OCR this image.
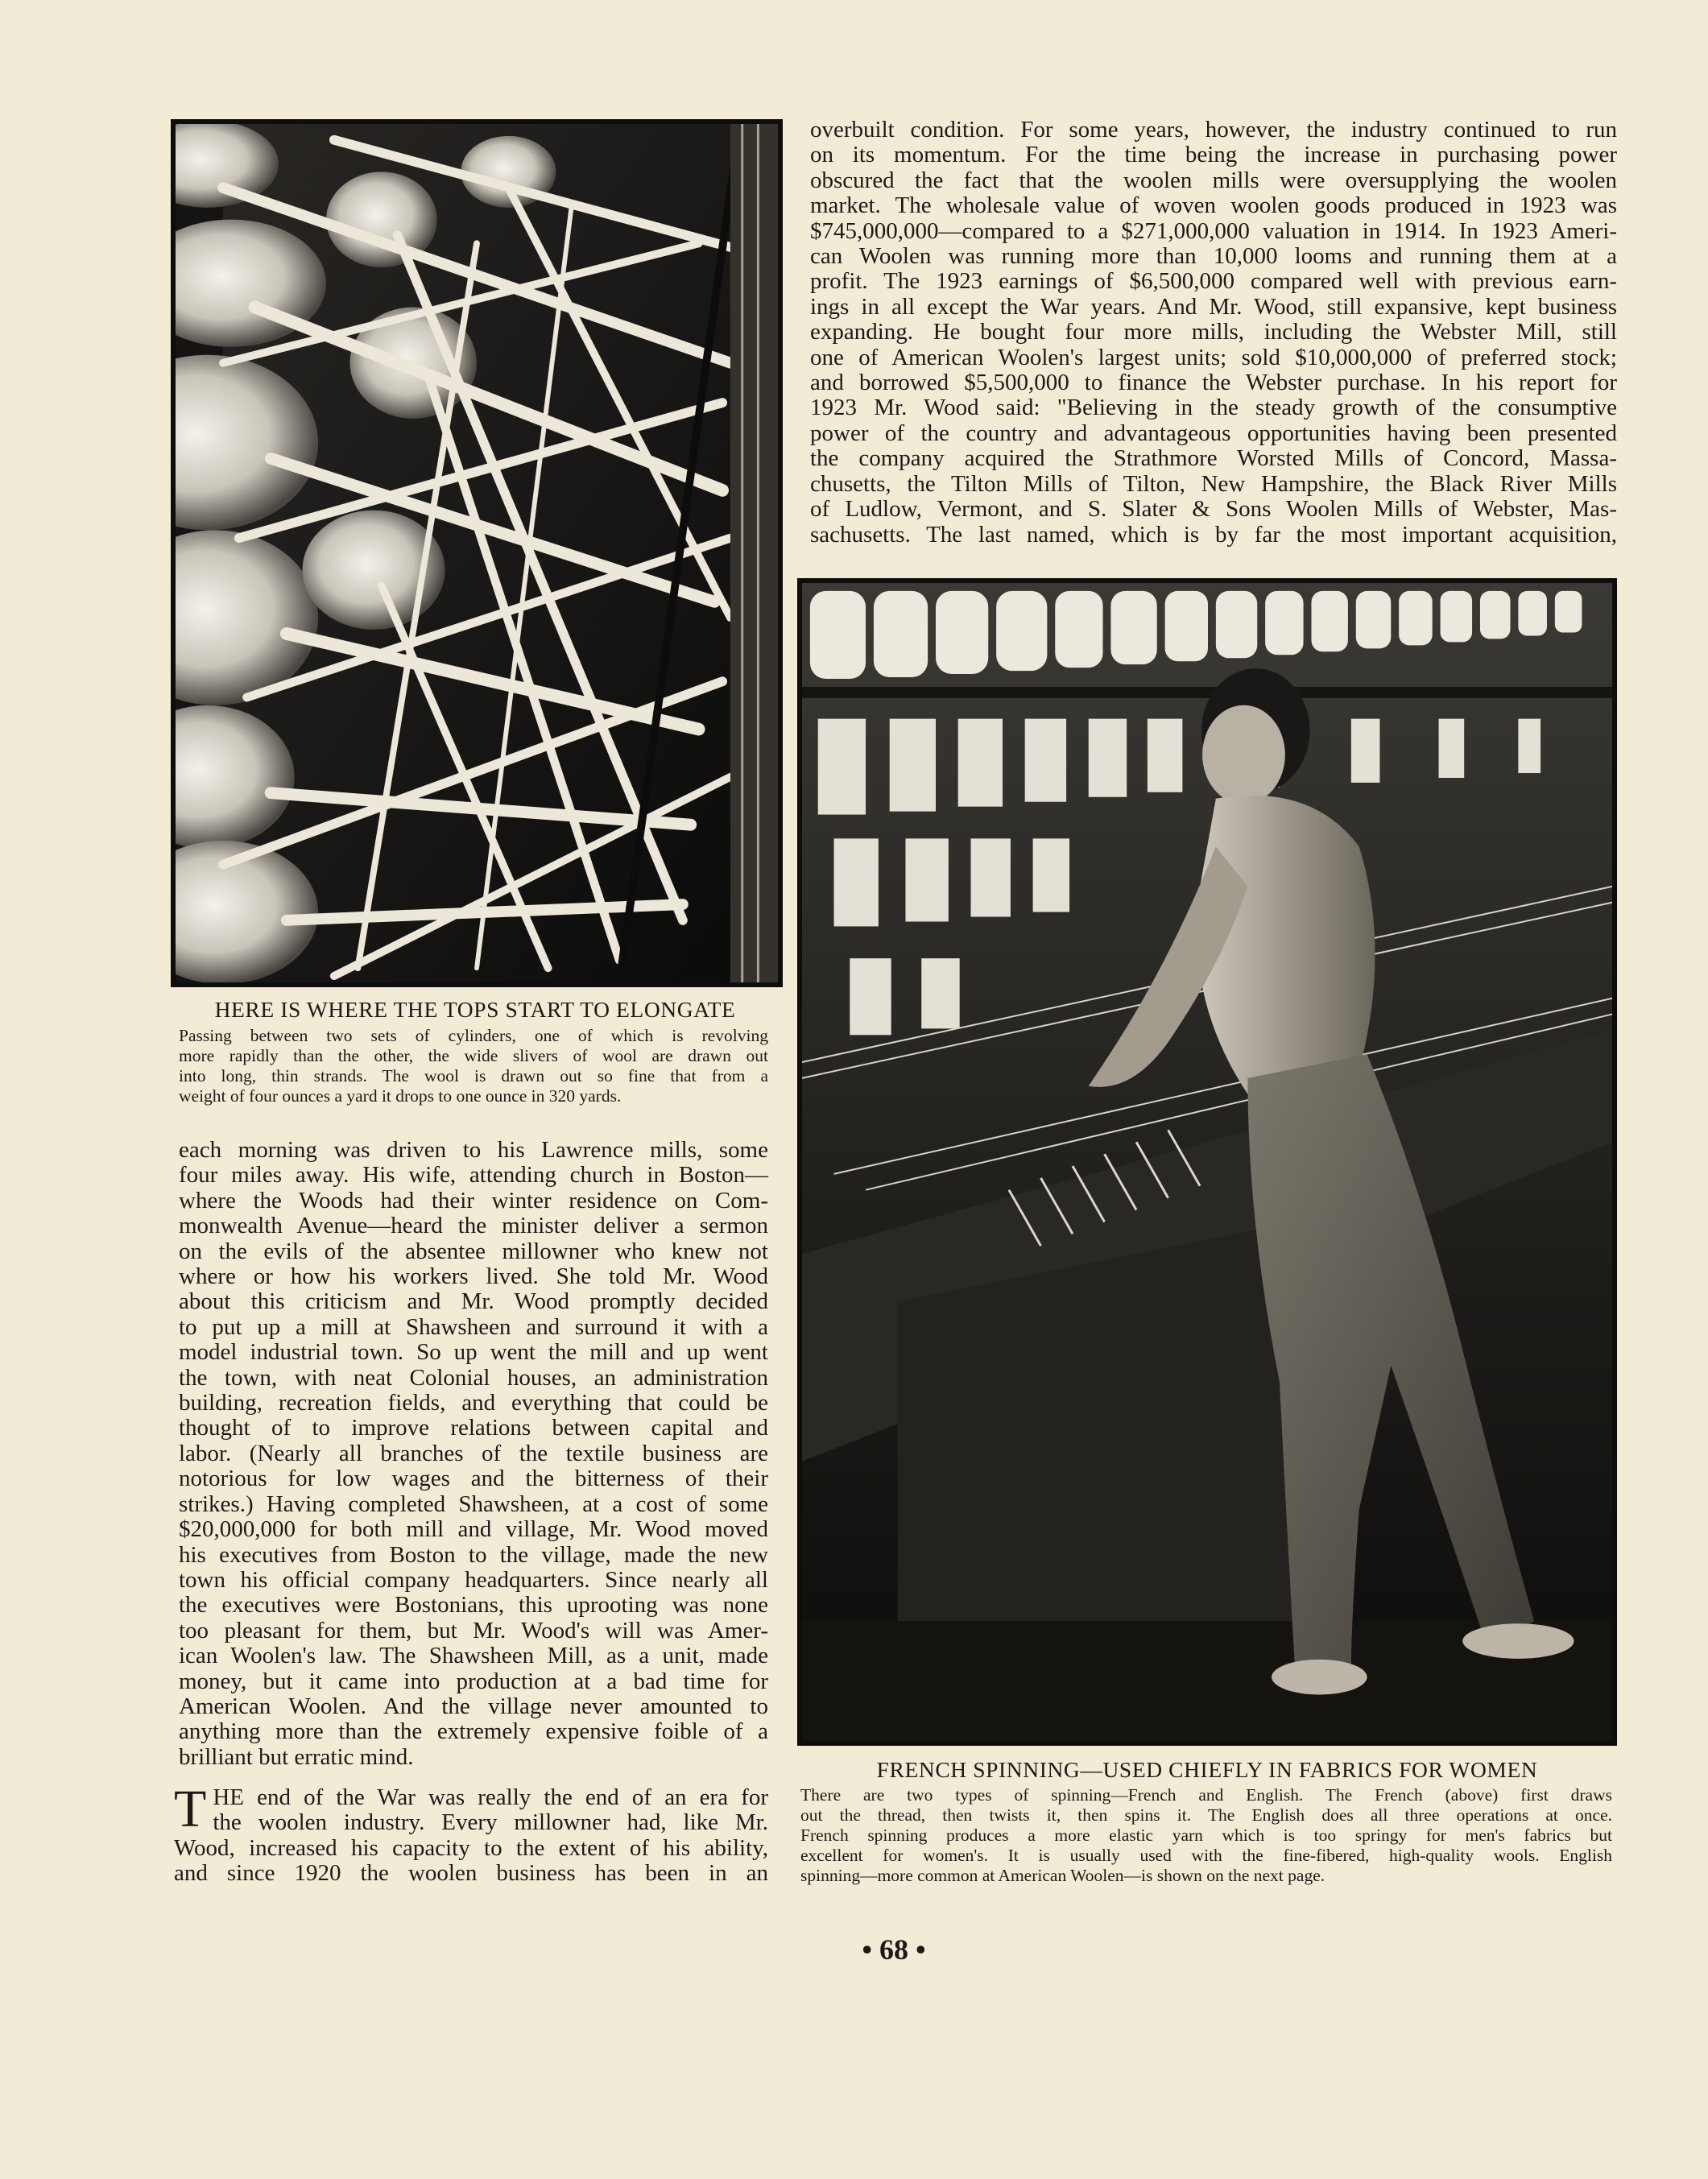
overbuilt condition. For some years, however, the industry continued to run
on its momentum. For the time being the increase in purchasing power
obscured the fact that the woolen mills were oversupplying the woolen
market. The wholesale value of woven woolen goods produced in 1923 was
$745,000,000—compared to a $271,000,000 valuation in 1914. In 1923 Ameri-
can Woolen was running more than 10,000 looms and running them at a
profit. The 1923 earnings of $6,500,000 compared well with previous earn-
ings in all except the War years. And Mr. Wood, still expansive, kept business
expanding. He bought four more mills, including the Webster Mill, still
one of American Woolen's largest units; sold $10,000,000 of preferred stock;
and borrowed $5,500,000 to finance the Webster purchase. In his report for
1923 Mr. Wood said: "Believing in the steady growth of the consumptive
power of the country and advantageous opportunities having been presented
the company acquired the Strathmore Worsted Mills of Concord, Massa-
chusetts, the Tilton Mills of Tilton, New Hampshire, the Black River Mills
of Ludlow, Vermont, and S. Slater & Sons Woolen Mills of Webster, Mas-
sachusetts. The last named, which is by far the most important acquisition,
HERE IS WHERE THE TOPS START TO ELONGATE
Passing between two sets of cylinders, one of which is revolving
more rapidly than the other, the wide slivers of wool are drawn out
into long, thin strands. The wool is drawn out so fine that from a
weight of four ounces a yard it drops to one ounce in 320 yards.
each morning was driven to his Lawrence mills, some
four miles away. His wife, attending church in Boston—
where the Woods had their winter residence on Com-
monwealth Avenue—heard the minister deliver a sermon
on the evils of the absentee millowner who knew not
where or how his workers lived. She told Mr. Wood
about this criticism and Mr. Wood promptly decided
to put up a mill at Shawsheen and surround it with a
model industrial town. So up went the mill and up went
the town, with neat Colonial houses, an administration
building, recreation fields, and everything that could be
thought of to improve relations between capital and
labor. (Nearly all branches of the textile business are
notorious for low wages and the bitterness of their
strikes.) Having completed Shawsheen, at a cost of some
$20,000,000 for both mill and village, Mr. Wood moved
his executives from Boston to the village, made the new
town his official company headquarters. Since nearly all
the executives were Bostonians, this uprooting was none
too pleasant for them, but Mr. Wood's will was Amer-
ican Woolen's law. The Shawsheen Mill, as a unit, made
money, but it came into production at a bad time for
American Woolen. And the village never amounted to
anything more than the extremely expensive foible of a
brilliant but erratic mind.
T HE end of the War was really the end of an era for
the woolen industry. Every millowner had, like Mr.
Wood, increased his capacity to the extent of his ability,
and since 1920 the woolen business has been in an
FRENCH SPINNING—USED CHIEFLY IN FABRICS FOR WOMEN
There are two types of spinning—French and English. The French (above) first draws
out the thread, then twists it, then spins it. The English does all three operations at once.
French spinning produces a more elastic yarn which is too springy for men's fabrics but
excellent for women's. It is usually used with the fine-fibered, high-quality wools. English
spinning—more common at American Woolen—is shown on the next page.
• 68 •
